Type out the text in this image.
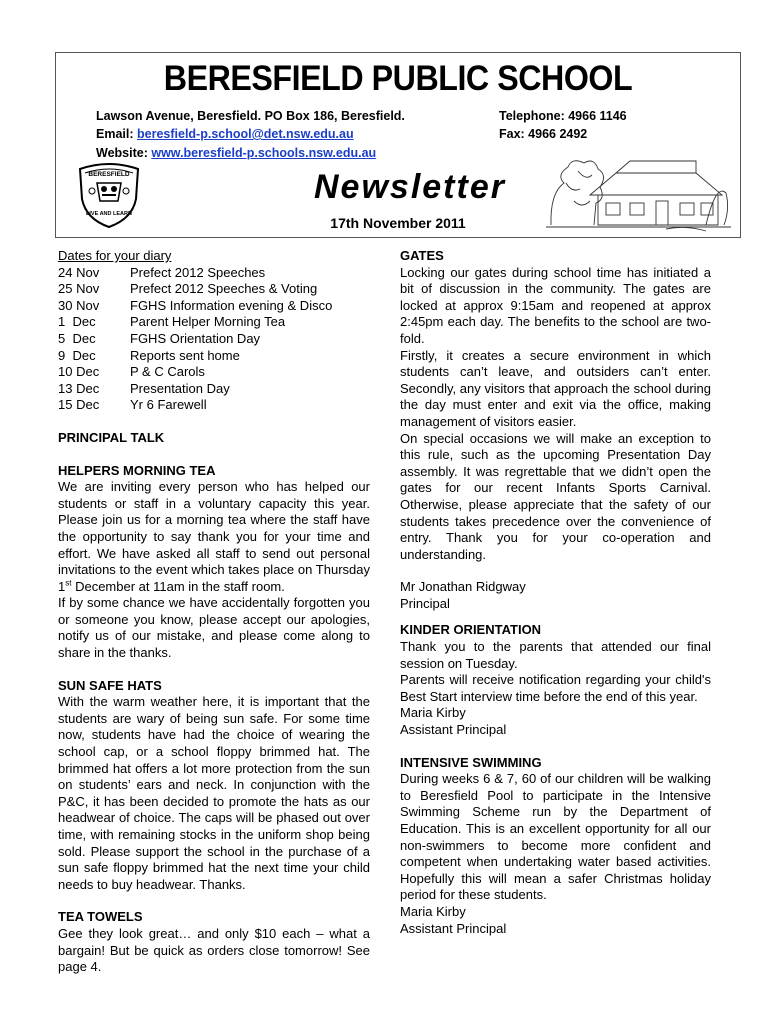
BERESFIELD PUBLIC SCHOOL
Lawson Avenue, Beresfield. PO Box 186, Beresfield.	Telephone: 4966 1146
Email: beresfield-p.school@det.nsw.edu.au	Fax: 4966 2492
Website: www.beresfield-p.schools.nsw.edu.au
BERESFIELD
LIVE AND LEARN
Newsletter
17th November 2011

Dates for your diary

24 Nov	Prefect 2012 Speeches
25 Nov	Prefect 2012 Speeches & Voting
30 Nov	FGHS Information evening & Disco
1  Dec	Parent Helper Morning Tea
5  Dec	FGHS Orientation Day
9  Dec	Reports sent home
10 Dec	P & C Carols
13 Dec	Presentation Day
15 Dec	Yr 6 Farewell

PRINCIPAL TALK

HELPERS MORNING TEA

We are inviting every person who has helped our students or staff in a voluntary capacity this year. Please join us for a morning tea where the staff have the opportunity to say thank you for your time and effort. We have asked all staff to send out personal invitations to the event which takes place on Thursday 1st December at 11am in the staff room.

If by some chance we have accidentally forgotten you or someone you know, please accept our apologies, notify us of our mistake, and please come along to share in the thanks.

SUN SAFE HATS

With the warm weather here, it is important that the students are wary of being sun safe. For some time now, students have had the choice of wearing the school cap, or a school floppy brimmed hat. The brimmed hat offers a lot more protection from the sun on students’ ears and neck. In conjunction with the P&C, it has been decided to promote the hats as our headwear of choice. The caps will be phased out over time, with remaining stocks in the uniform shop being sold. Please support the school in the purchase of a sun safe floppy brimmed hat the next time your child needs to buy headwear. Thanks.

TEA TOWELS

Gee they look great… and only $10 each – what a bargain! But be quick as orders close tomorrow! See page 4.

GATES

Locking our gates during school time has initiated a bit of discussion in the community. The gates are locked at approx 9:15am and reopened at approx 2:45pm each day. The benefits to the school are two-fold.

Firstly, it creates a secure environment in which students can’t leave, and outsiders can’t enter. Secondly, any visitors that approach the school during the day must enter and exit via the office, making management of visitors easier.

On special occasions we will make an exception to this rule, such as the upcoming Presentation Day assembly. It was regrettable that we didn’t open the gates for our recent Infants Sports Carnival. Otherwise, please appreciate that the safety of our students takes precedence over the convenience of entry. Thank you for your co-operation and understanding.

Mr Jonathan Ridgway

Principal

KINDER ORIENTATION

Thank you to the parents that attended our final session on Tuesday.

Parents will receive notification regarding your child's Best Start interview time before the end of this year.

Maria Kirby

Assistant Principal

INTENSIVE SWIMMING

During weeks 6 & 7, 60 of our children will be walking to Beresfield Pool to participate in the Intensive Swimming Scheme run by the Department of Education. This is an excellent opportunity for all our non-swimmers to become more confident and competent when undertaking water based activities. Hopefully this will mean a safer Christmas holiday period for these students.

Maria Kirby

Assistant Principal
